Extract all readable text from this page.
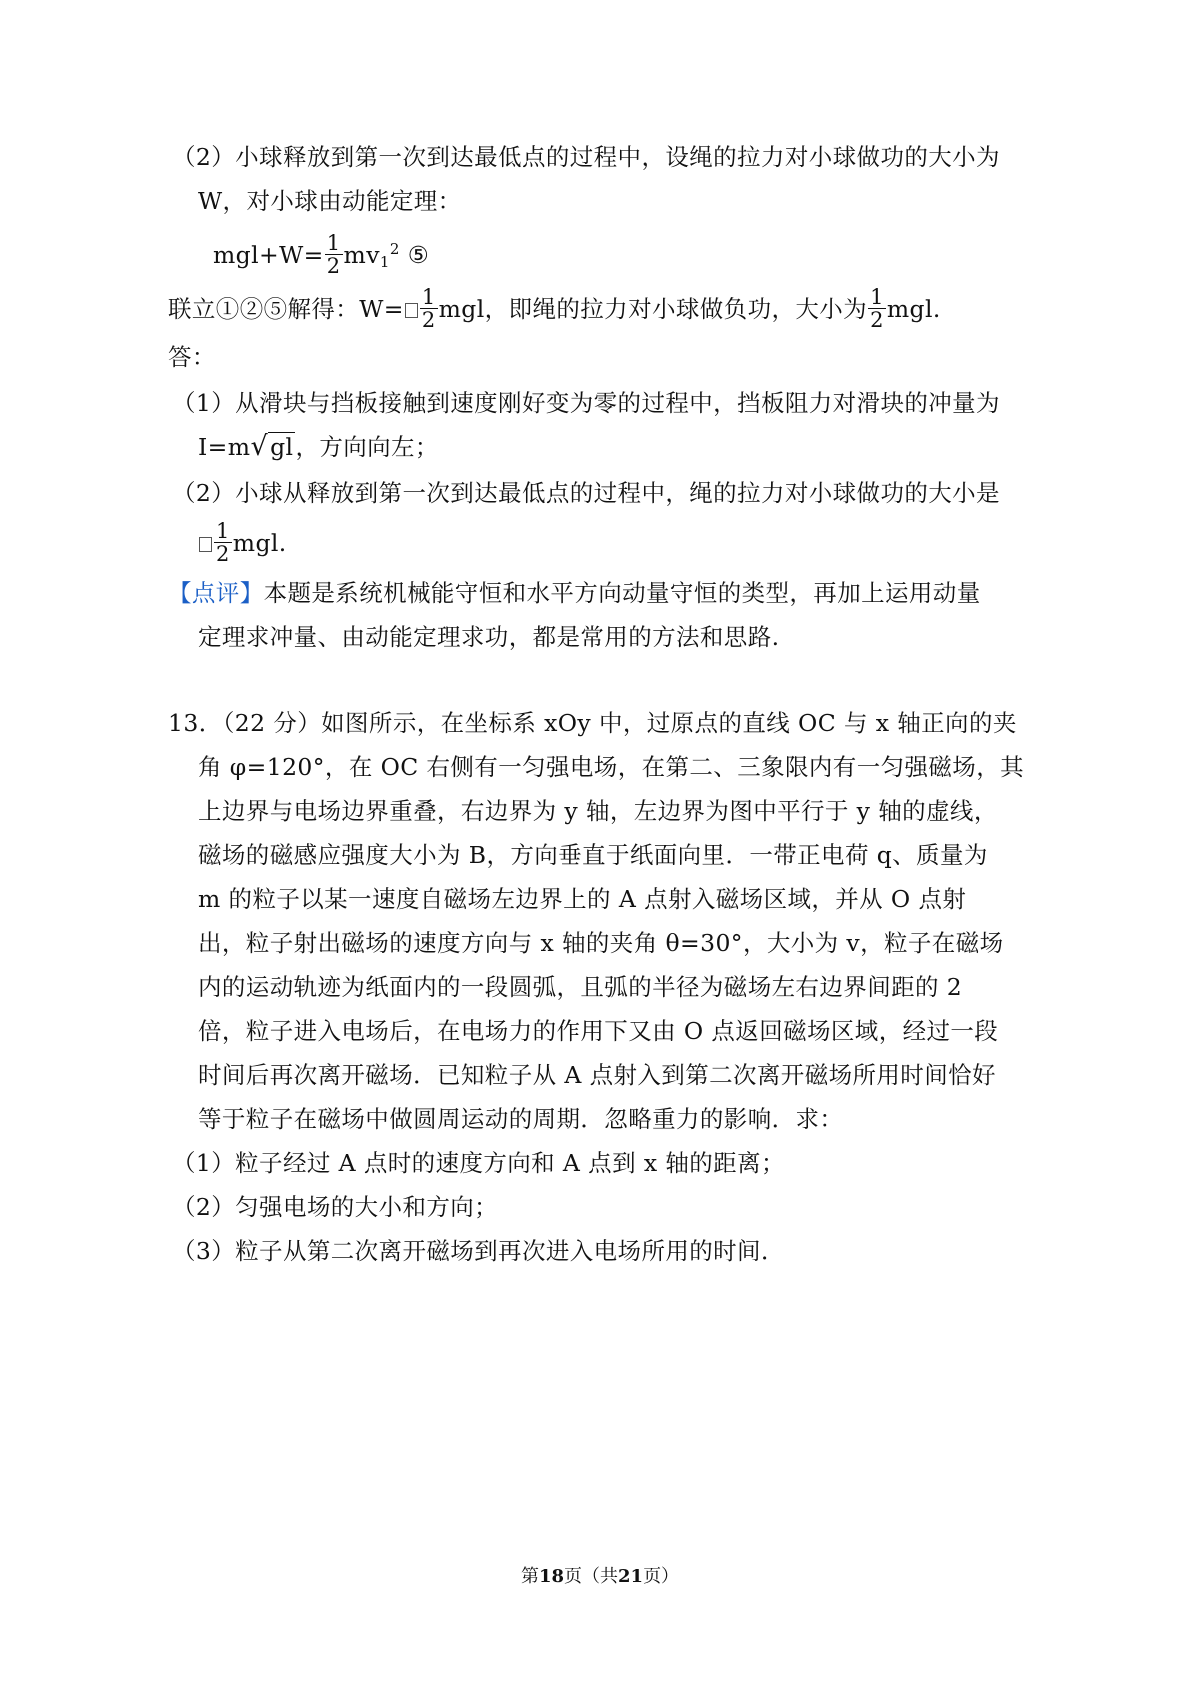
（2）小球释放到第一次到达最低点的过程中，设绳的拉力对小球做功的大小为
W，对小球由动能定理：
$mgl+W= \frac{1}{2} mv_1^2$ ⑤
联立①②⑤解得：$W= \frac{1}{2}$ mgl，即绳的拉力对小球做负功，大小为 $\frac{1}{2}$ mgl.
答：
（1）从滑块与挡板接触到速度刚好变为零的过程中，挡板阻力对滑块的冲量为
I=m√gl，方向向左；
（2）小球从释放到第一次到达最低点的过程中，绳的拉力对小球做功的大小是
$\frac{1}{2}$ mgl.
【点评】本题是系统机械能守恒和水平方向动量守恒的类型，再加上运用动量
定理求冲量、由动能定理求功，都是常用的方法和思路.
13．（22 分）如图所示，在坐标系 xOy 中，过原点的直线 OC 与 x 轴正向的夹
角 φ=120°，在 OC 右侧有一匀强电场，在第二、三象限内有一匀强磁场，其
上边界与电场边界重叠，右边界为 y 轴，左边界为图中平行于 y 轴的虚线，
磁场的磁感应强度大小为 B，方向垂直于纸面向里．一带正电荷 q、质量为
m 的粒子以某一速度自磁场左边界上的 A 点射入磁场区域，并从 O 点射
出，粒子射出磁场的速度方向与 x 轴的夹角 θ=30°，大小为 v，粒子在磁场
内的运动轨迹为纸面内的一段圆弧，且弧的半径为磁场左右边界间距的 2
倍，粒子进入电场后，在电场力的作用下又由 O 点返回磁场区域，经过一段
时间后再次离开磁场．已知粒子从 A 点射入到第二次离开磁场所用时间恰好
等于粒子在磁场中做圆周运动的周期．忽略重力的影响．求：
（1）粒子经过 A 点时的速度方向和 A 点到 x 轴的距离；
（2）匀强电场的大小和方向；
（3）粒子从第二次离开磁场到再次进入电场所用的时间．
第18页（共21页）
